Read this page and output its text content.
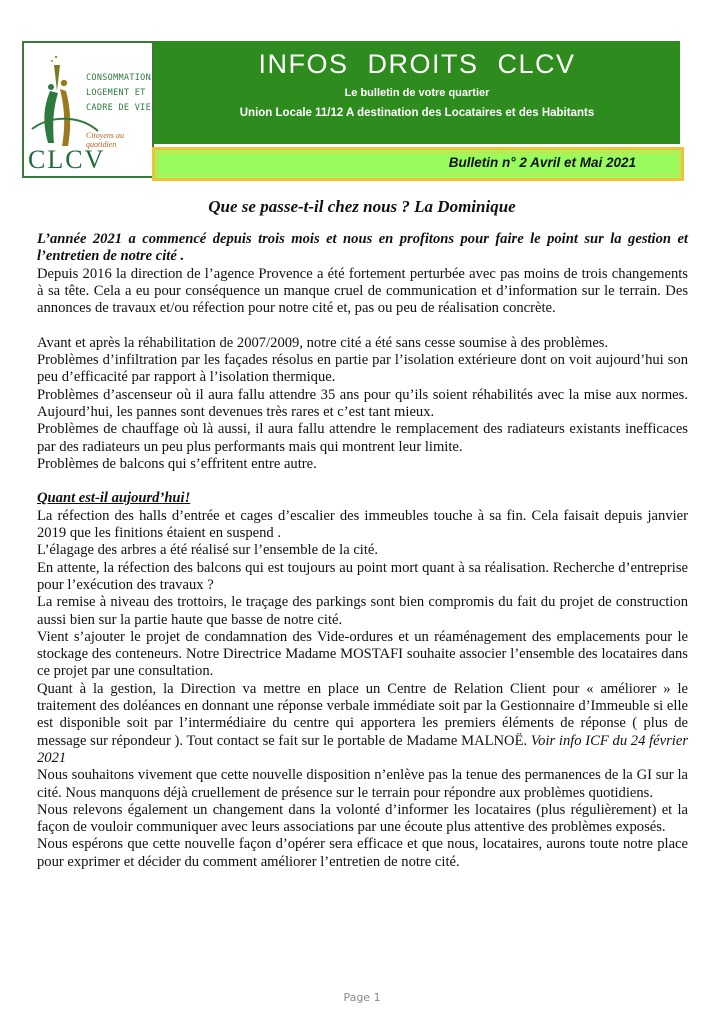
CONSOMMATION
LOGEMENT ET
CADRE DE VIE
Citoyens au quotidien
CLCV
INFOS DROITS CLCV
Le bulletin de votre quartier
Union Locale 11/12 A destination des Locataires et des Habitants
Bulletin n° 2 Avril et Mai 2021
Que se passe-t-il chez nous ? La Dominique

L’année 2021 a commencé depuis trois mois et nous en profitons pour faire le point sur la gestion et l’entretien de notre cité .

Depuis 2016 la direction de l’agence Provence a été fortement perturbée avec pas moins de trois changements à sa tête. Cela a eu pour conséquence un manque cruel de communication et d’information sur le terrain. Des annonces de travaux et/ou réfection pour notre cité et, pas ou peu de réalisation concrète.

Avant et après la réhabilitation de 2007/2009, notre cité a été sans cesse soumise à des problèmes.

Problèmes d’infiltration par les façades résolus en partie par l’isolation extérieure dont on voit aujourd’hui son peu d’efficacité par rapport à l’isolation thermique.

Problèmes d’ascenseur où il aura fallu attendre 35 ans pour qu’ils soient réhabilités avec la mise aux normes. Aujourd’hui, les pannes sont devenues très rares et c’est tant mieux.

Problèmes de chauffage où là aussi, il aura fallu attendre le remplacement des radiateurs existants inefficaces par des radiateurs un peu plus performants mais qui montrent leur limite.

Problèmes de balcons qui s’effritent entre autre.

Quant est-il aujourd’hui!

La réfection des halls d’entrée et cages d’escalier des immeubles touche à sa fin. Cela faisait depuis janvier 2019 que les finitions étaient en suspend .

L’élagage des arbres a été réalisé sur l’ensemble de la cité.

En attente, la réfection des balcons qui est toujours au point mort quant à sa réalisation. Recherche d’entreprise pour l’exécution des travaux ?

La remise à niveau des trottoirs, le traçage des parkings sont bien compromis du fait du projet de construction aussi bien sur la partie haute que basse de notre cité.

Vient s’ajouter le projet de condamnation des Vide-ordures et un réaménagement des emplacements pour le stockage des conteneurs. Notre Directrice Madame MOSTAFI souhaite associer l’ensemble des locataires dans ce projet par une consultation.

Quant à la gestion, la Direction va mettre en place un Centre de Relation Client pour « améliorer » le traitement des doléances en donnant une réponse verbale immédiate soit par la Gestionnaire d’Immeuble si elle est disponible soit par l’intermédiaire du centre qui apportera les premiers éléments de réponse ( plus de message sur répondeur ). Tout contact se fait sur le portable de Madame MALNOË. Voir info ICF du 24 février 2021

Nous souhaitons vivement que cette nouvelle disposition n’enlève pas la tenue des permanences de la GI sur la cité. Nous manquons déjà cruellement de présence sur le terrain pour répondre aux problèmes quotidiens.

Nous relevons également un changement dans la volonté d’informer les locataires (plus régulièrement) et la façon de vouloir communiquer avec leurs associations par une écoute plus attentive des problèmes exposés.

Nous espérons que cette nouvelle façon d’opérer sera efficace et que nous, locataires, aurons toute notre place pour exprimer et décider du comment améliorer l’entretien de notre cité.

Page 1
